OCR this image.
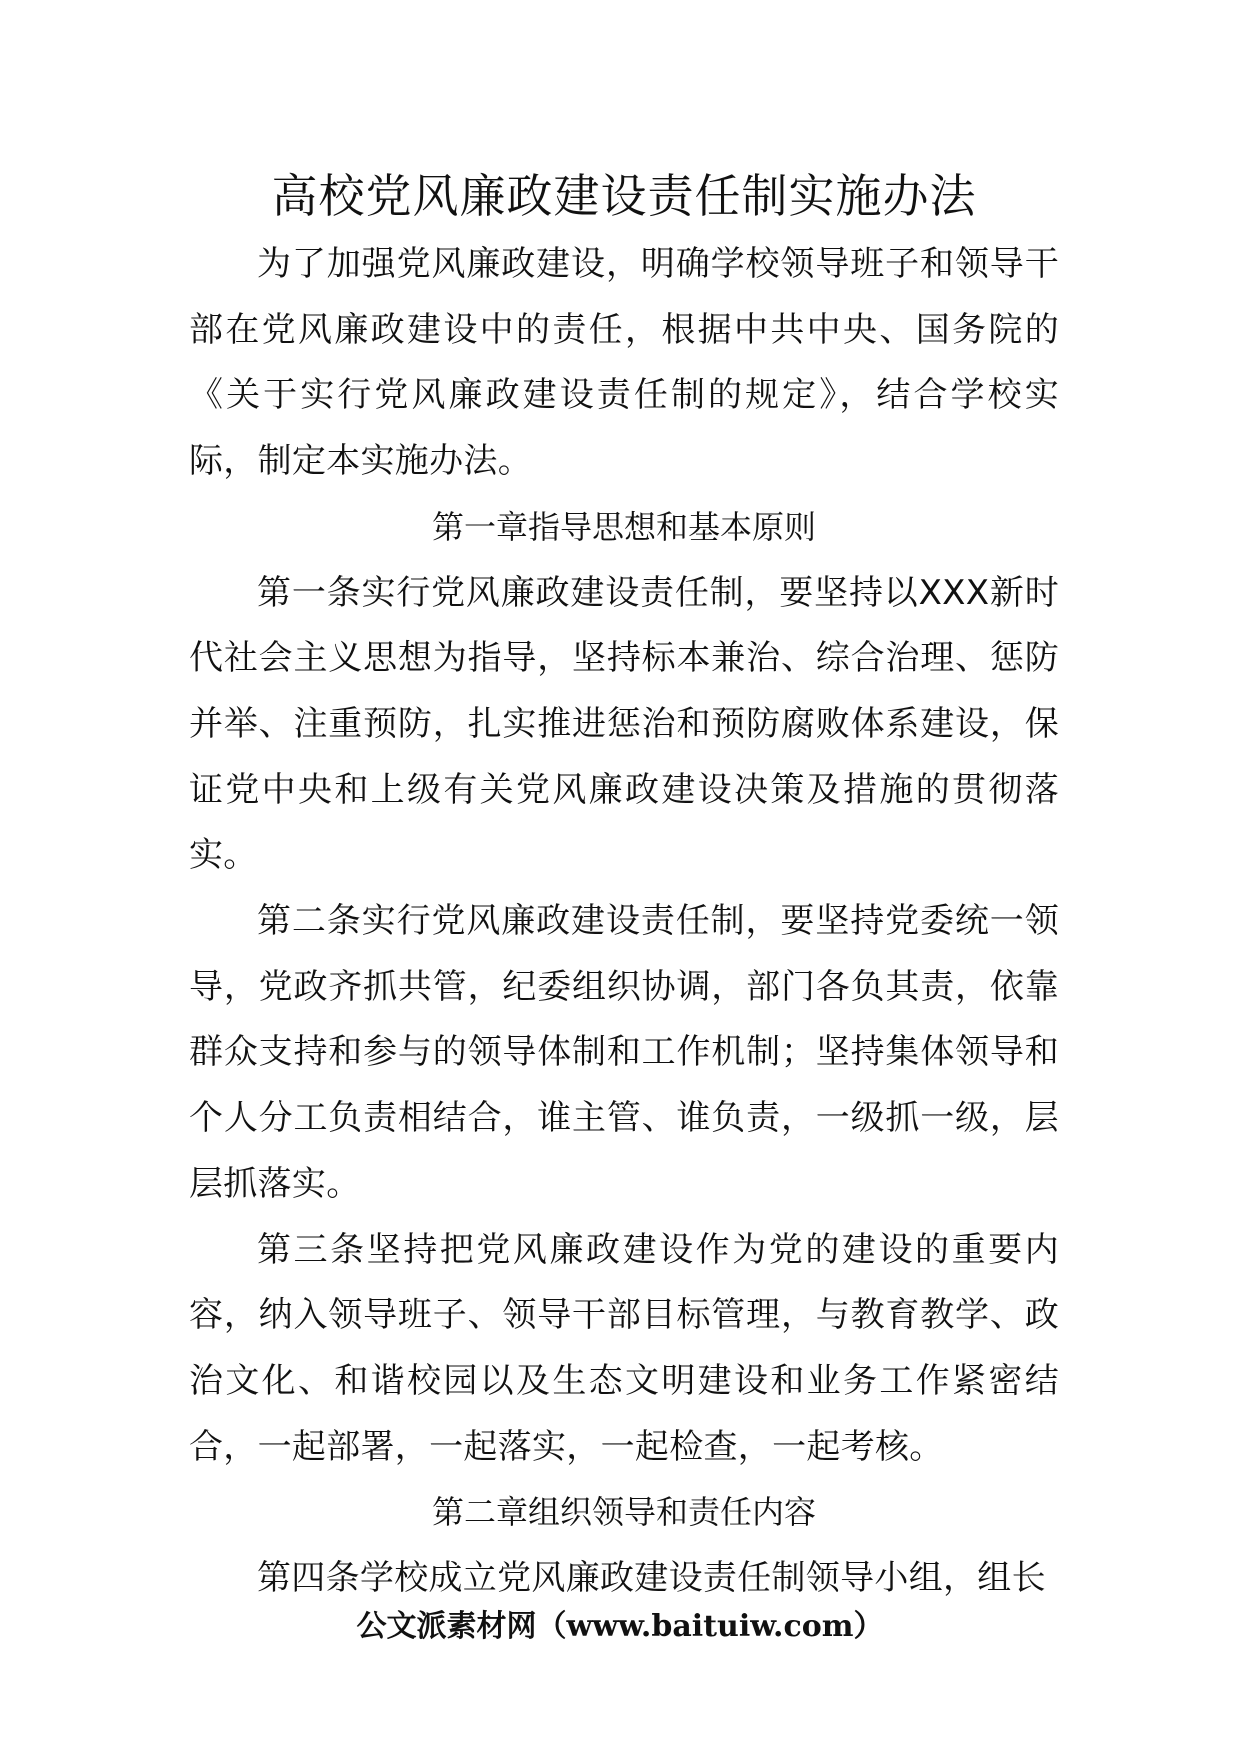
高校党风廉政建设责任制实施办法

为了加强党风廉政建设，明确学校领导班子和领导干部在党风廉政建设中的责任，根据中共中央、国务院的《关于实行党风廉政建设责任制的规定》，结合学校实际，制定本实施办法。

第一章指导思想和基本原则

第一条实行党风廉政建设责任制，要坚持以XXX新时代社会主义思想为指导，坚持标本兼治、综合治理、惩防并举、注重预防，扎实推进惩治和预防腐败体系建设，保证党中央和上级有关党风廉政建设决策及措施的贯彻落实。

第二条实行党风廉政建设责任制，要坚持党委统一领导，党政齐抓共管，纪委组织协调，部门各负其责，依靠群众支持和参与的领导体制和工作机制；坚持集体领导和个人分工负责相结合，谁主管、谁负责，一级抓一级，层层抓落实。

第三条坚持把党风廉政建设作为党的建设的重要内容，纳入领导班子、领导干部目标管理，与教育教学、政治文化、和谐校园以及生态文明建设和业务工作紧密结合，一起部署，一起落实，一起检查，一起考核。

第二章组织领导和责任内容

第四条学校成立党风廉政建设责任制领导小组，组长

公文派素材网（www.baituiw.com）
